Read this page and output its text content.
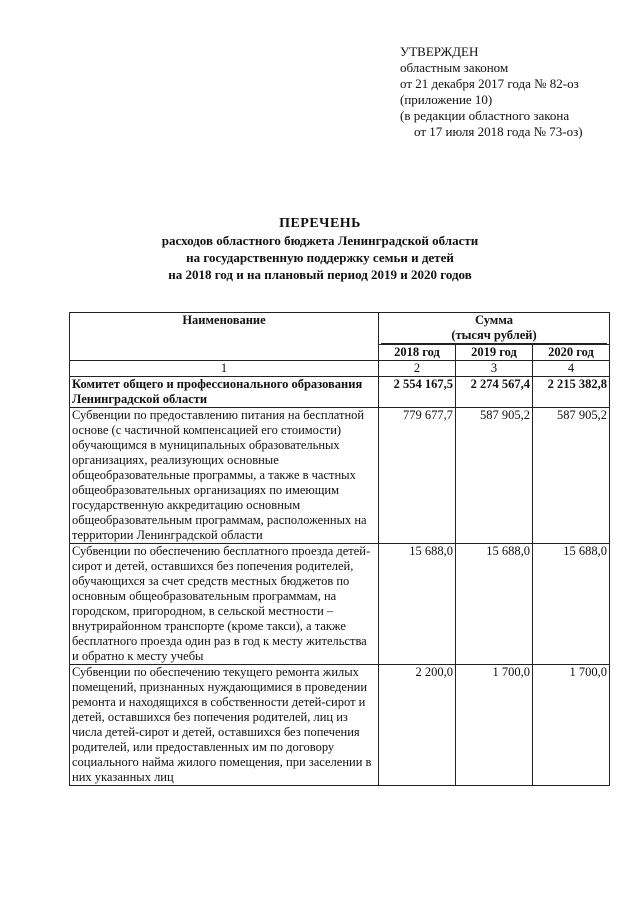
УТВЕРЖДЕН
областным законом
от 21 декабря 2017 года № 82-оз
(приложение 10)
(в редакции областного закона
от 17 июля 2018 года № 73-оз)
ПЕРЕЧЕНЬ
расходов областного бюджета Ленинградской области
на государственную поддержку семьи и детей
на 2018 год и на плановый период 2019 и 2020 годов
Наименование	Сумма

(тысяч рублей)		

	2018 год	2019 год	2020 год
1	2	3	4
Комитет общего и профессионального образования Ленинградской области	2 554 167,5	2 274 567,4	2 215 382,8
Субвенции по предоставлению питания на бесплатной основе (с частичной компенсацией его стоимости) обучающимся в муниципальных образовательных организациях, реализующих основные общеобразовательные программы, а также в частных общеобразовательных организациях по имеющим государственную аккредитацию основным общеобразовательным программам, расположенных на территории Ленинградской области	779 677,7	587 905,2	587 905,2
Субвенции по обеспечению бесплатного проезда детей-сирот и детей, оставшихся без попечения родителей, обучающихся за счет средств местных бюджетов по основным общеобразовательным программам, на городском, пригородном, в сельской местности – внутрирайонном транспорте (кроме такси), а также бесплатного проезда один раз в год к месту жительства и обратно к месту учебы	15 688,0	15 688,0	15 688,0
Субвенции по обеспечению текущего ремонта жилых помещений, признанных нуждающимися в проведении ремонта и находящихся в собственности детей-сирот и детей, оставшихся без попечения родителей, лиц из числа детей-сирот и детей, оставшихся без попечения родителей, или предоставленных им по договору социального найма жилого помещения, при заселении в них указанных лиц	2 200,0	1 700,0	1 700,0
